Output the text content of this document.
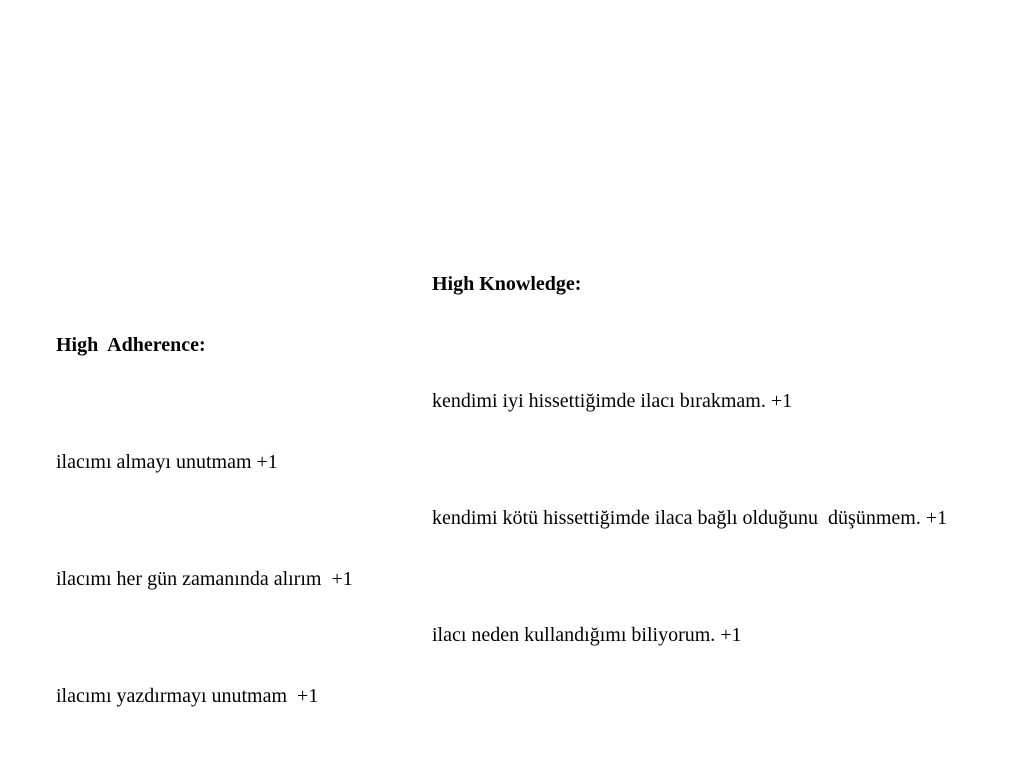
High  Adherence:

ilacımı almayı unutmam +1

ilacımı her gün zamanında alırım  +1

ilacımı yazdırmayı unutmam  +1

High Knowledge:

kendimi iyi hissettiğimde ilacı bırakmam. +1

kendimi kötü hissettiğimde ilaca bağlı olduğunu  düşünmem. +1

ilacı neden kullandığımı biliyorum. +1
